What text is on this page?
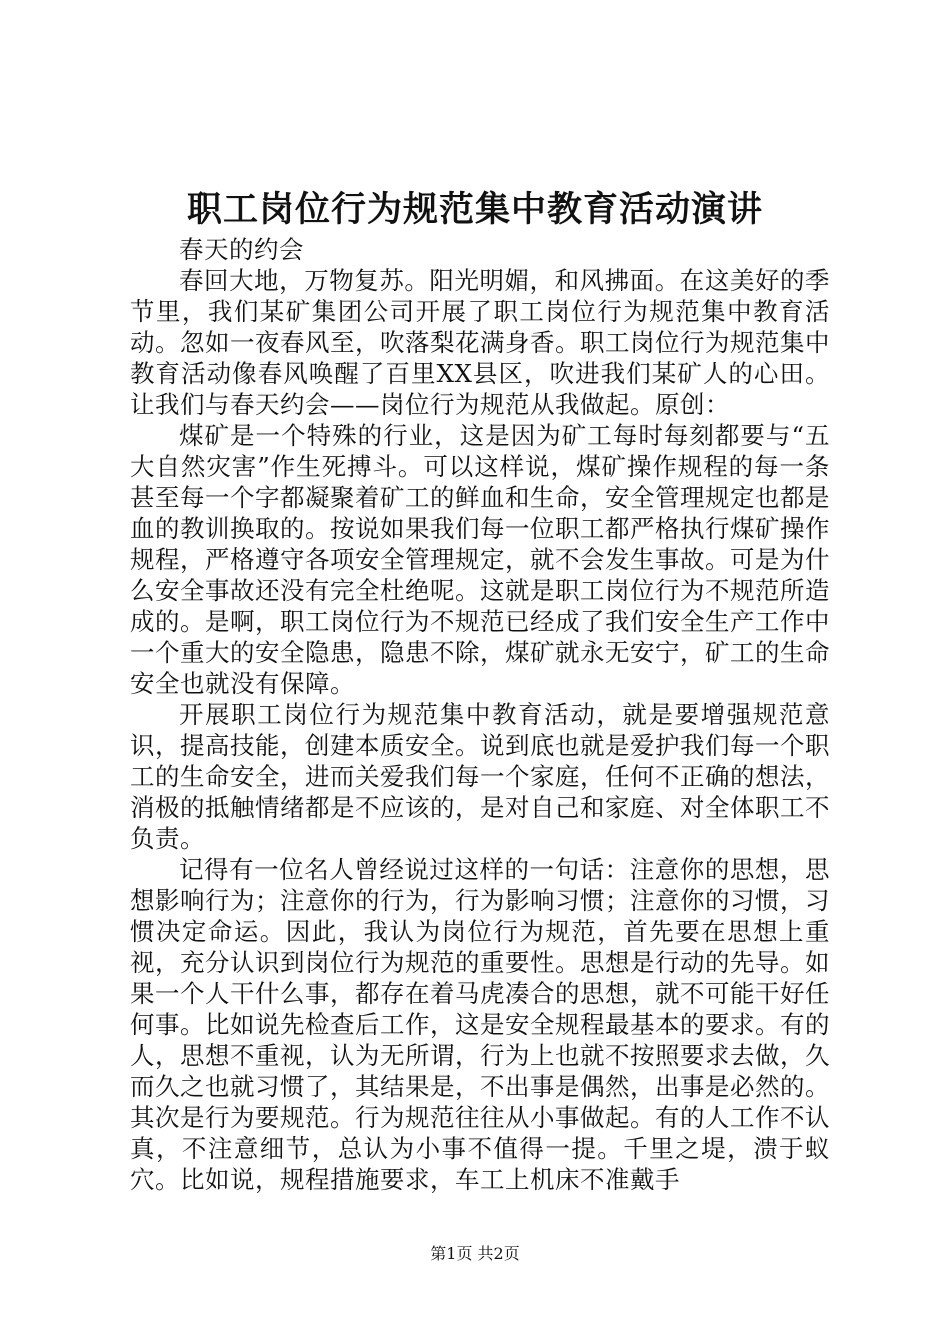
职工岗位行为规范集中教育活动演讲

春天的约会

春回大地，万物复苏。阳光明媚，和风拂面。在这美好的季节里，我们某矿集团公司开展了职工岗位行为规范集中教育活动。忽如一夜春风至，吹落梨花满身香。职工岗位行为规范集中教育活动像春风唤醒了百里XX县区，吹进我们某矿人的心田。让我们与春天约会——岗位行为规范从我做起。原创：

煤矿是一个特殊的行业，这是因为矿工每时每刻都要与“五大自然灾害”作生死搏斗。可以这样说，煤矿操作规程的每一条甚至每一个字都凝聚着矿工的鲜血和生命，安全管理规定也都是血的教训换取的。按说如果我们每一位职工都严格执行煤矿操作规程，严格遵守各项安全管理规定，就不会发生事故。可是为什么安全事故还没有完全杜绝呢。这就是职工岗位行为不规范所造成的。是啊，职工岗位行为不规范已经成了我们安全生产工作中一个重大的安全隐患，隐患不除，煤矿就永无安宁，矿工的生命安全也就没有保障。

开展职工岗位行为规范集中教育活动，就是要增强规范意识，提高技能，创建本质安全。说到底也就是爱护我们每一个职工的生命安全，进而关爱我们每一个家庭，任何不正确的想法，消极的抵触情绪都是不应该的，是对自己和家庭、对全体职工不负责。

记得有一位名人曾经说过这样的一句话：注意你的思想，思想影响行为；注意你的行为，行为影响习惯；注意你的习惯，习惯决定命运。因此，我认为岗位行为规范，首先要在思想上重视，充分认识到岗位行为规范的重要性。思想是行动的先导。如果一个人干什么事，都存在着马虎凑合的思想，就不可能干好任何事。比如说先检查后工作，这是安全规程最基本的要求。有的人，思想不重视，认为无所谓，行为上也就不按照要求去做，久而久之也就习惯了，其结果是，不出事是偶然，出事是必然的。其次是行为要规范。行为规范往往从小事做起。有的人工作不认真，不注意细节，总认为小事不值得一提。千里之堤，溃于蚁穴。比如说，规程措施要求，车工上机床不准戴手

第1页 共2页
